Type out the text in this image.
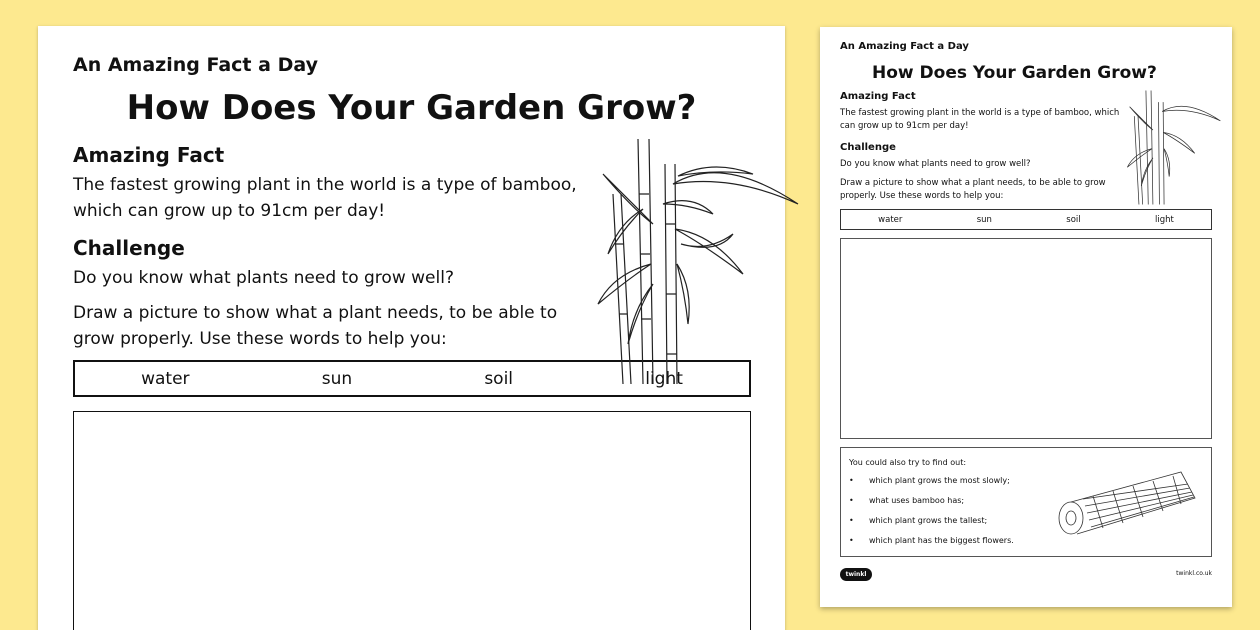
An Amazing Fact a Day
How Does Your Garden Grow?
Amazing Fact
The fastest growing plant in the world is a type of bamboo, which can grow up to 91cm per day!
Challenge
Do you know what plants need to grow well?
Draw a picture to show what a plant needs, to be able to grow properly. Use these words to help you:
water	sun	soil	light
An Amazing Fact a Day
How Does Your Garden Grow?
Amazing Fact
The fastest growing plant in the world is a type of bamboo, which can grow up to 91cm per day!
Challenge
Do you know what plants need to grow well?
Draw a picture to show what a plant needs, to be able to grow properly. Use these words to help you:
water	sun	soil	light
You could also try to find out:
•	which plant grows the most slowly;
•	what uses bamboo has;
•	which plant grows the tallest;
•	which plant has the biggest flowers.
twinkl	twinkl.co.uk
